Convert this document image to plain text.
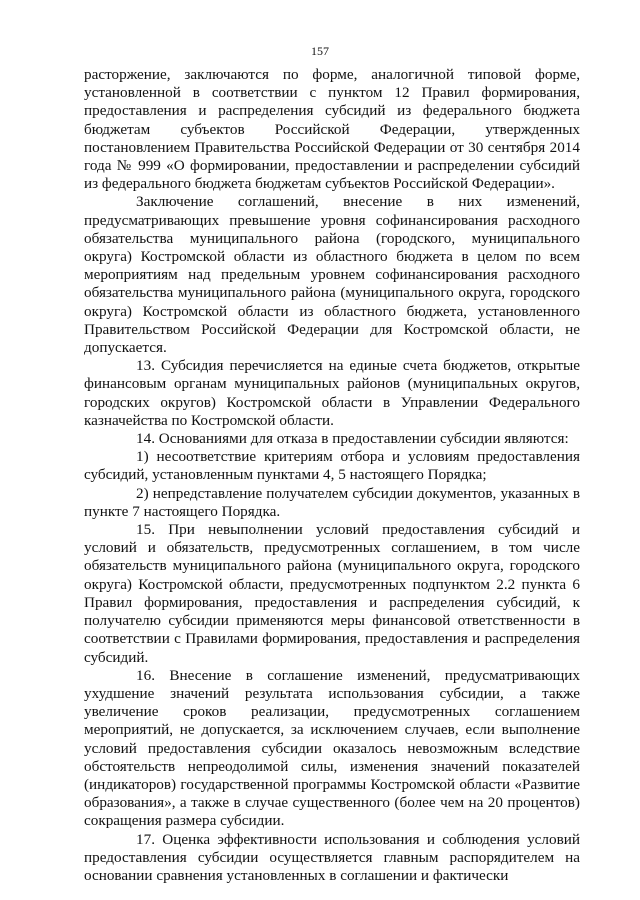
157

расторжение, заключаются по форме, аналогичной типовой форме, установленной в соответствии с пунктом 12 Правил формирования, предоставления и распределения субсидий из федерального бюджета бюджетам субъектов Российской Федерации, утвержденных постановлением Правительства Российской Федерации от 30 сентября 2014 года № 999 «О формировании, предоставлении и распределении субсидий из федерального бюджета бюджетам субъектов Российской Федерации».

Заключение соглашений, внесение в них изменений, предусматривающих превышение уровня софинансирования расходного обязательства муниципального района (городского, муниципального округа) Костромской области из областного бюджета в целом по всем мероприятиям над предельным уровнем софинансирования расходного обязательства муниципального района (муниципального округа, городского округа) Костромской области из областного бюджета, установленного Правительством Российской Федерации для Костромской области, не допускается.

13. Субсидия перечисляется на единые счета бюджетов, открытые финансовым органам муниципальных районов (муниципальных округов, городских округов) Костромской области в Управлении Федерального казначейства по Костромской области.

14. Основаниями для отказа в предоставлении субсидии являются:

1) несоответствие критериям отбора и условиям предоставления субсидий, установленным пунктами 4, 5 настоящего Порядка;

2) непредставление получателем субсидии документов, указанных в пункте 7 настоящего Порядка.

15. При невыполнении условий предоставления субсидий и условий и обязательств, предусмотренных соглашением, в том числе обязательств муниципального района (муниципального округа, городского округа) Костромской области, предусмотренных подпунктом 2.2 пункта 6 Правил формирования, предоставления и распределения субсидий, к получателю субсидии применяются меры финансовой ответственности в соответствии с Правилами формирования, предоставления и распределения субсидий.

16. Внесение в соглашение изменений, предусматривающих ухудшение значений результата использования субсидии, а также увеличение сроков реализации, предусмотренных соглашением мероприятий, не допускается, за исключением случаев, если выполнение условий предоставления субсидии оказалось невозможным вследствие обстоятельств непреодолимой силы, изменения значений показателей (индикаторов) государственной программы Костромской области «Развитие образования», а также в случае существенного (более чем на 20 процентов) сокращения размера субсидии.

17. Оценка эффективности использования и соблюдения условий предоставления субсидии осуществляется главным распорядителем на основании сравнения установленных в соглашении и фактически
